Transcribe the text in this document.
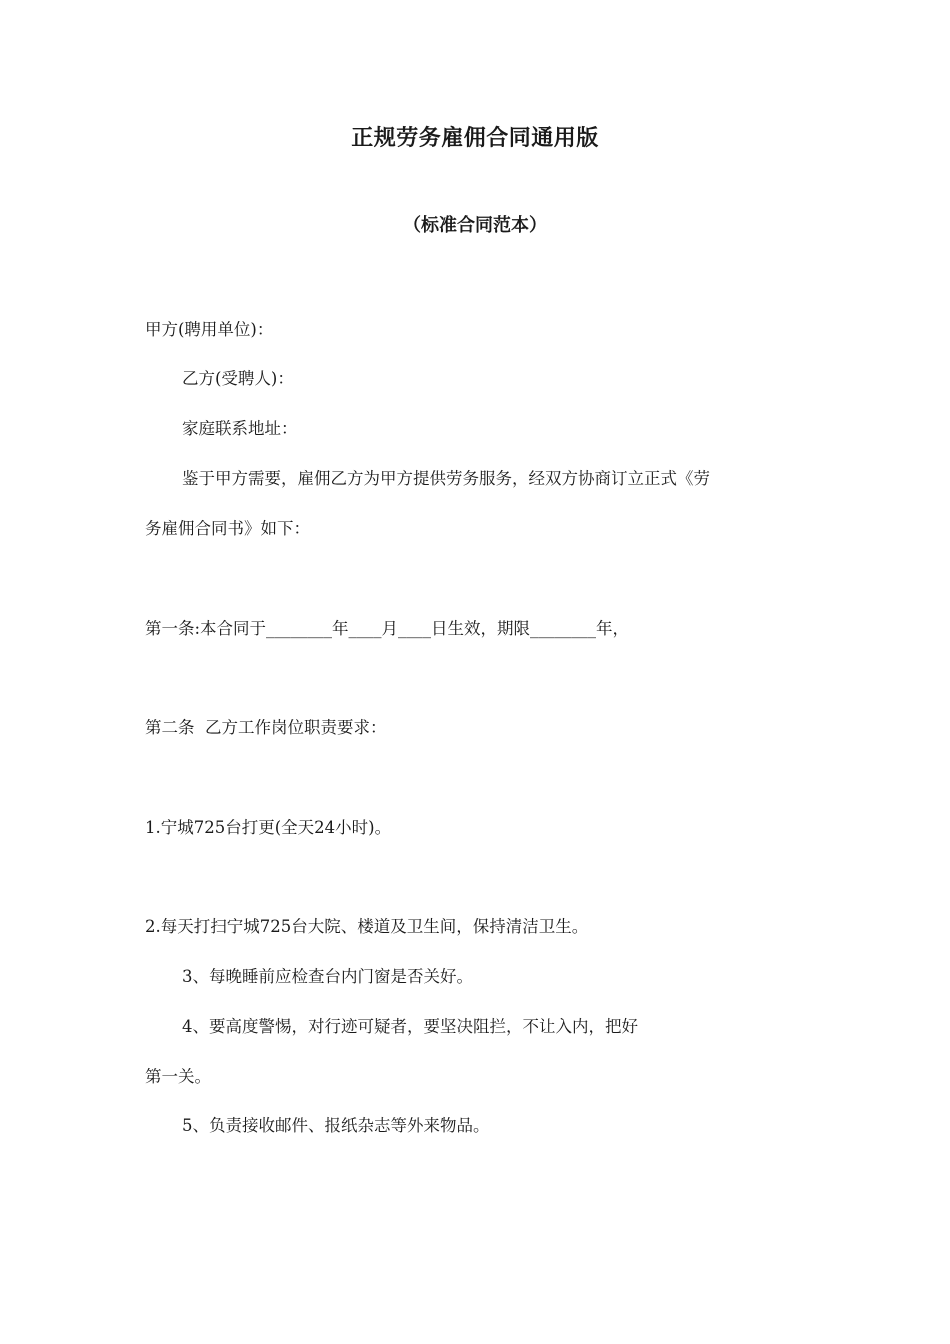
正规劳务雇佣合同通用版
（标准合同范本）
甲方(聘用单位)：
乙方(受聘人)：
家庭联系地址：
鉴于甲方需要，雇佣乙方为甲方提供劳务服务，经双方协商订立正式《劳
务雇佣合同书》如下：
第一条:本合同于________年____月____日生效，期限________年，
第二条  乙方工作岗位职责要求：
1.宁城725台打更(全天24小时)。
2.每天打扫宁城725台大院、楼道及卫生间，保持清洁卫生。
3、每晚睡前应检查台内门窗是否关好。
4、要高度警惕，对行迹可疑者，要坚决阻拦，不让入内，把好
第一关。
5、负责接收邮件、报纸杂志等外来物品。
